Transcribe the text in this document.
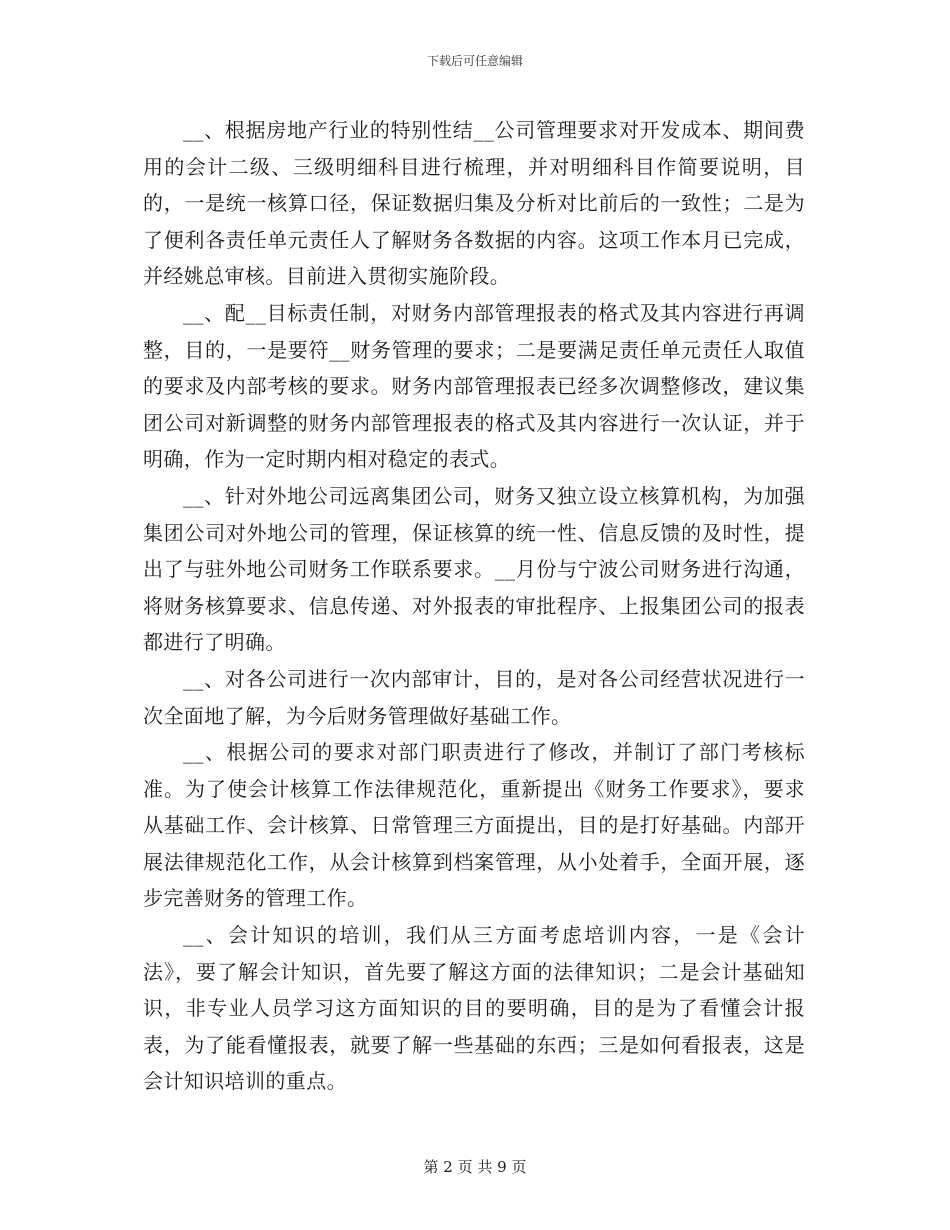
下载后可任意编辑

__、根据房地产行业的特别性结__公司管理要求对开发成本、期间费用的会计二级、三级明细科目进行梳理，并对明细科目作简要说明，目的，一是统一核算口径，保证数据归集及分析对比前后的一致性；二是为了便利各责任单元责任人了解财务各数据的内容。这项工作本月已完成，并经姚总审核。目前进入贯彻实施阶段。

__、配__目标责任制，对财务内部管理报表的格式及其内容进行再调整，目的，一是要符__财务管理的要求；二是要满足责任单元责任人取值的要求及内部考核的要求。财务内部管理报表已经多次调整修改，建议集团公司对新调整的财务内部管理报表的格式及其内容进行一次认证，并于明确，作为一定时期内相对稳定的表式。

__、针对外地公司远离集团公司，财务又独立设立核算机构，为加强集团公司对外地公司的管理，保证核算的统一性、信息反馈的及时性，提出了与驻外地公司财务工作联系要求。__月份与宁波公司财务进行沟通，将财务核算要求、信息传递、对外报表的审批程序、上报集团公司的报表都进行了明确。

__、对各公司进行一次内部审计，目的，是对各公司经营状况进行一次全面地了解，为今后财务管理做好基础工作。

__、根据公司的要求对部门职责进行了修改，并制订了部门考核标准。为了使会计核算工作法律规范化，重新提出《财务工作要求》，要求从基础工作、会计核算、日常管理三方面提出，目的是打好基础。内部开展法律规范化工作，从会计核算到档案管理，从小处着手，全面开展，逐步完善财务的管理工作。

__、会计知识的培训，我们从三方面考虑培训内容，一是《会计法》，要了解会计知识，首先要了解这方面的法律知识；二是会计基础知识，非专业人员学习这方面知识的目的要明确，目的是为了看懂会计报表，为了能看懂报表，就要了解一些基础的东西；三是如何看报表，这是会计知识培训的重点。

第 2 页 共 9 页
